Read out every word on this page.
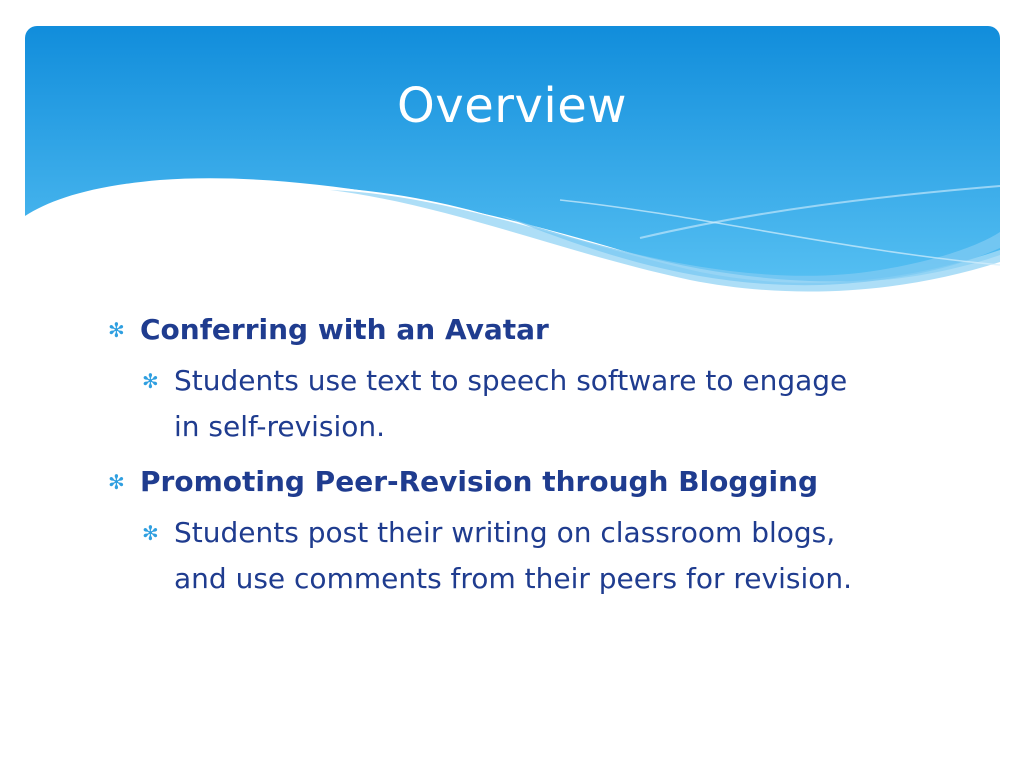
Overview
✻ Conferring with an Avatar
✻ Students use text to speech software to engage in self-revision.
✻ Promoting Peer-Revision through Blogging
✻ Students post their writing on classroom blogs, and use comments from their peers for revision.
